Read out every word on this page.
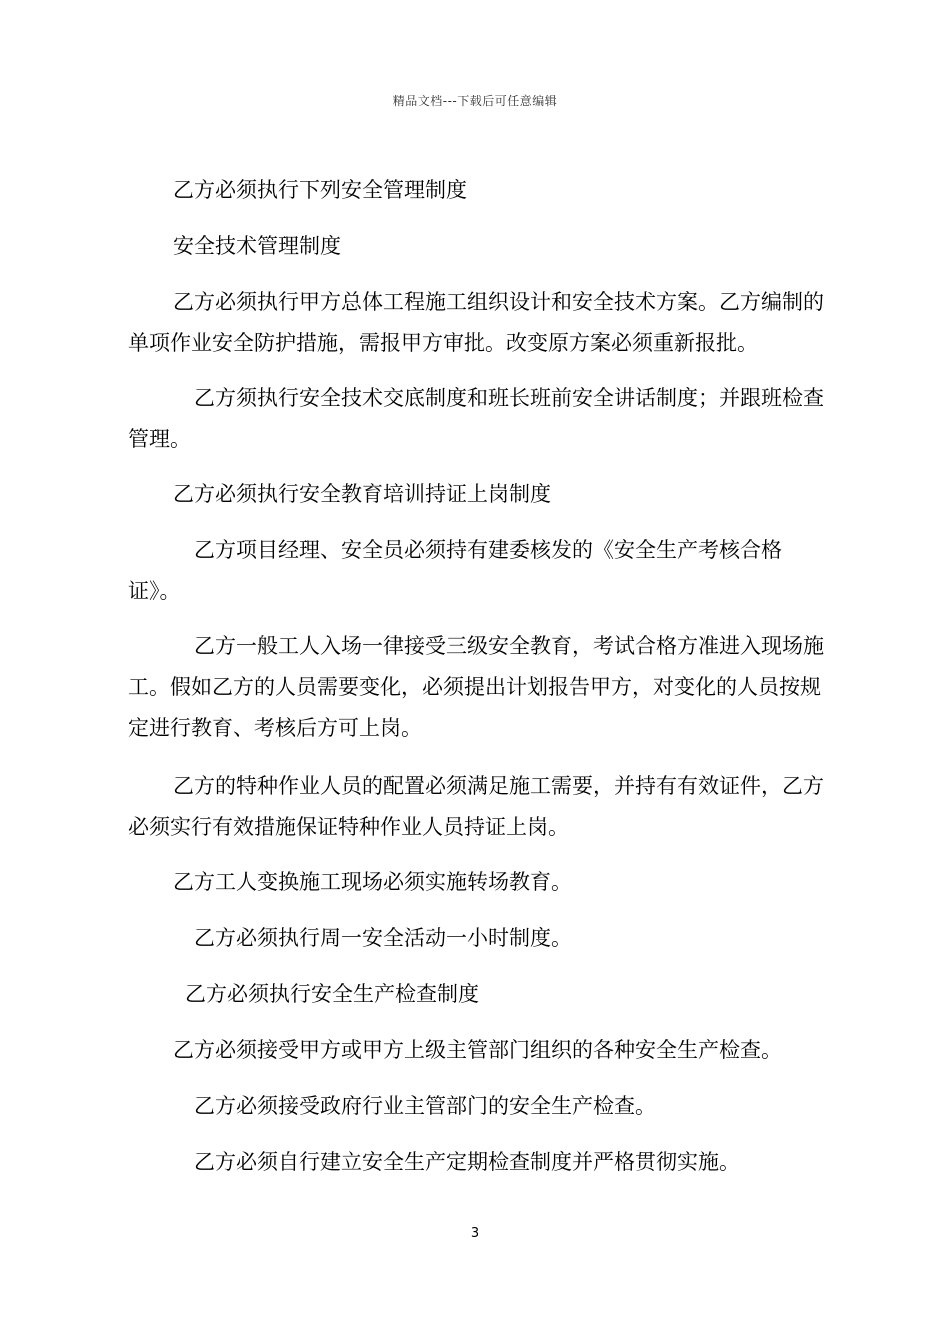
精品文档---下载后可任意编辑

乙方必须执行下列安全管理制度

安全技术管理制度

乙方必须执行甲方总体工程施工组织设计和安全技术方案。乙方编制的单项作业安全防护措施，需报甲方审批。改变原方案必须重新报批。

乙方须执行安全技术交底制度和班长班前安全讲话制度；并跟班检查管理。

乙方必须执行安全教育培训持证上岗制度

乙方项目经理、安全员必须持有建委核发的《安全生产考核合格证》。

乙方一般工人入场一律接受三级安全教育，考试合格方准进入现场施工。假如乙方的人员需要变化，必须提出计划报告甲方，对变化的人员按规定进行教育、考核后方可上岗。

乙方的特种作业人员的配置必须满足施工需要，并持有有效证件，乙方必须实行有效措施保证特种作业人员持证上岗。

乙方工人变换施工现场必须实施转场教育。

乙方必须执行周一安全活动一小时制度。

乙方必须执行安全生产检查制度

乙方必须接受甲方或甲方上级主管部门组织的各种安全生产检查。

乙方必须接受政府行业主管部门的安全生产检查。

乙方必须自行建立安全生产定期检查制度并严格贯彻实施。

3
